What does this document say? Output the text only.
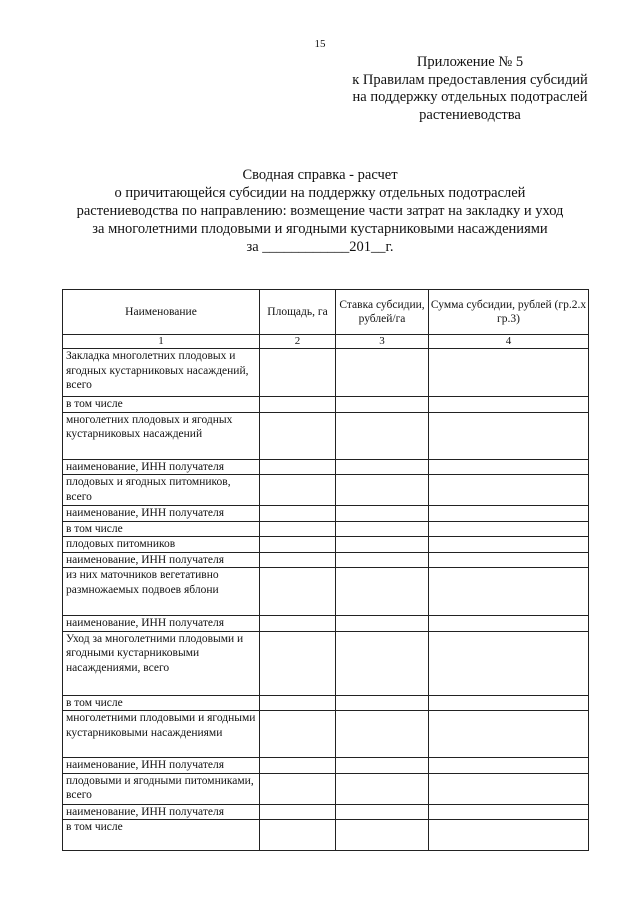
15
Приложение № 5
к Правилам предоставления субсидий
на поддержку отдельных подотраслей
растениеводства
Сводная справка - расчет
о причитающейся субсидии на поддержку отдельных подотраслей
растениеводства по направлению: возмещение части затрат на закладку и уход
за многолетними плодовыми и ягодными кустарниковыми насаждениями
за ____________201__г.
Наименование	Площадь, га	Ставка субсидии, рублей/га	Сумма субсидии, рублей (гр.2.х гр.3)
1	2	3	4
Закладка многолетних плодовых и ягодных кустарниковых насаждений, всего			
в том числе			
многолетних плодовых и ягодных кустарниковых насаждений			
наименование, ИНН получателя			
плодовых и ягодных питомников, всего			
наименование, ИНН получателя			
в том числе			
плодовых питомников			
наименование, ИНН получателя			
из них маточников вегетативно размножаемых подвоев яблони			
наименование, ИНН получателя			
Уход за многолетними плодовыми и ягодными кустарниковыми насаждениями, всего			
в том числе			
многолетними плодовыми и ягодными кустарниковыми насаждениями			
наименование, ИНН получателя			
плодовыми и ягодными питомниками, всего			
наименование, ИНН получателя			
в том числе			
